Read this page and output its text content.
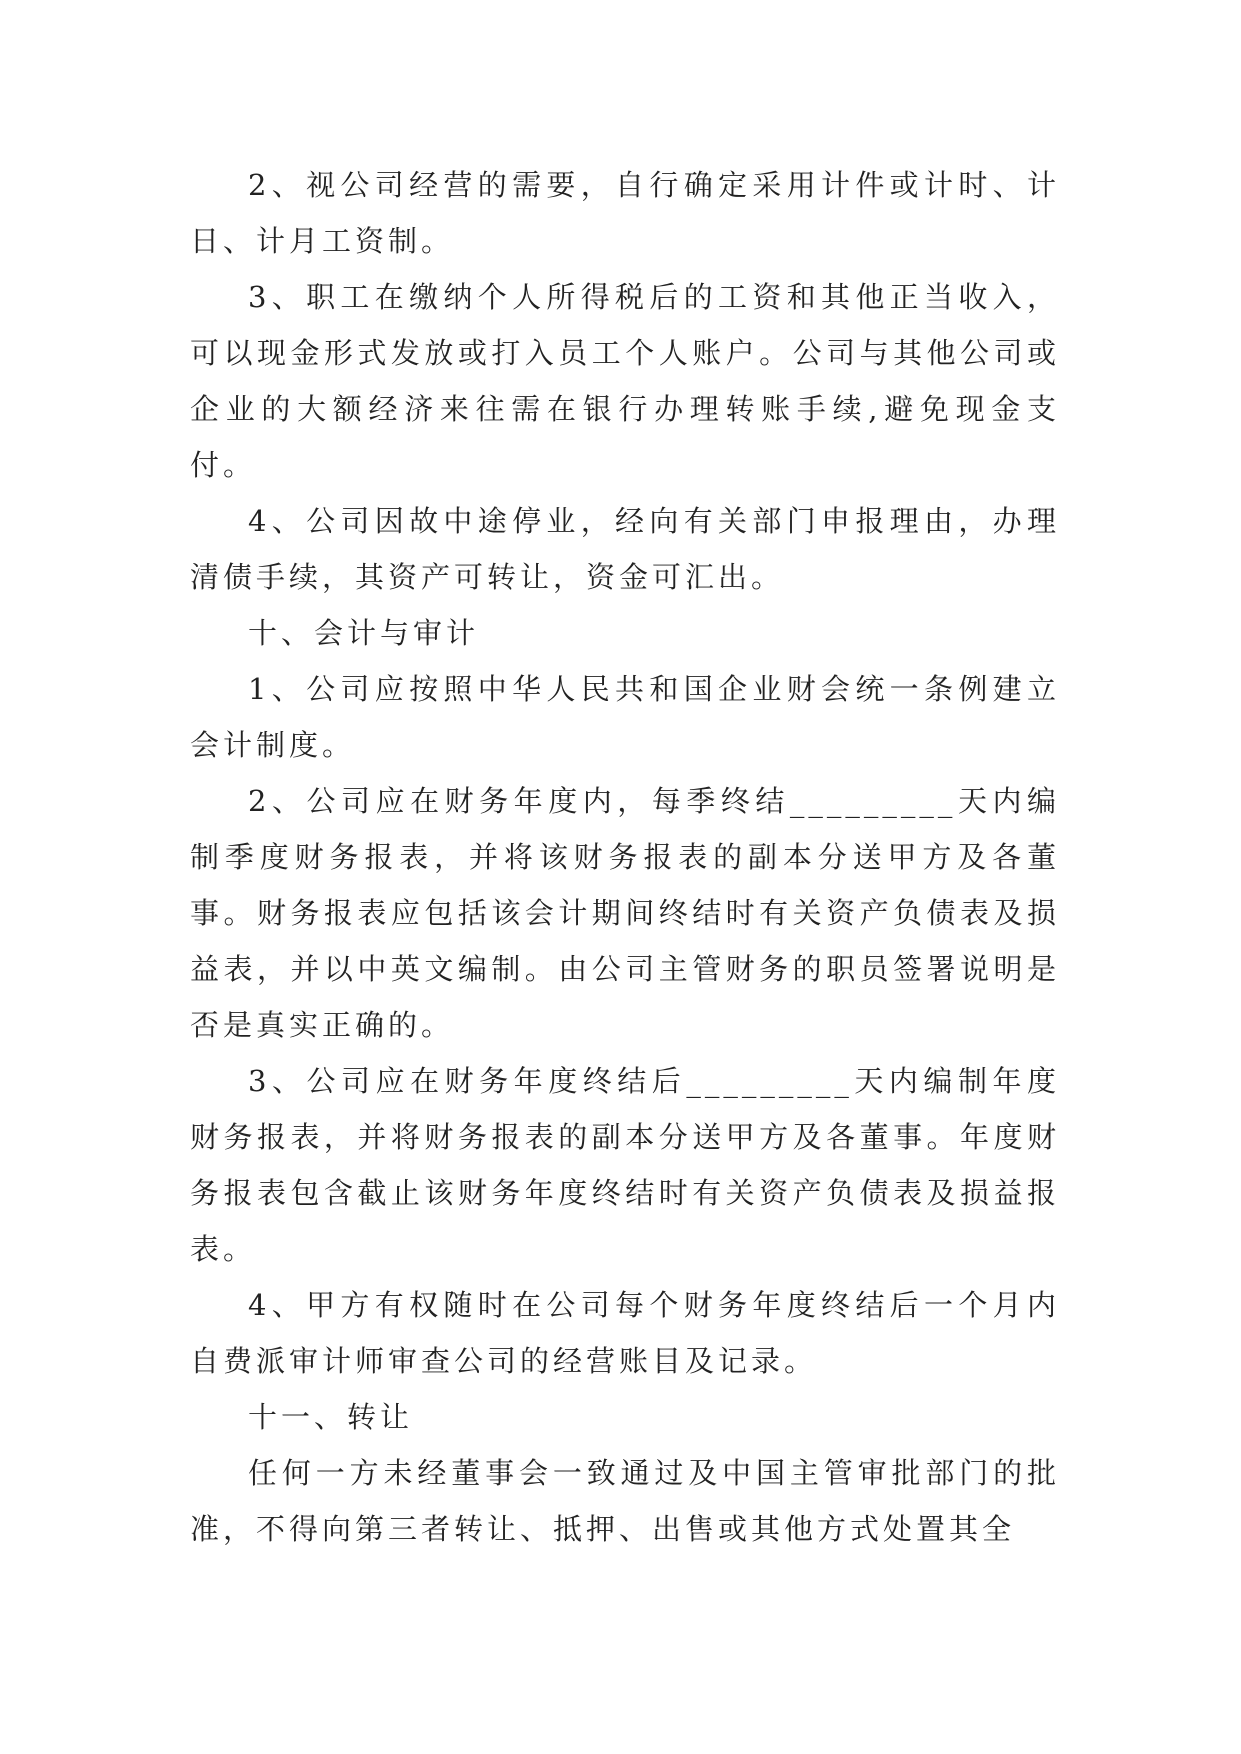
2、视公司经营的需要，自行确定采用计件或计时、计日、计月工资制。

3、职工在缴纳个人所得税后的工资和其他正当收入，可以现金形式发放或打入员工个人账户。公司与其他公司或企业的大额经济来往需在银行办理转账手续,避免现金支付。

4、公司因故中途停业，经向有关部门申报理由，办理清债手续，其资产可转让，资金可汇出。

十、会计与审计

1、公司应按照中华人民共和国企业财会统一条例建立会计制度。

2、公司应在财务年度内，每季终结_________天内编制季度财务报表，并将该财务报表的副本分送甲方及各董事。财务报表应包括该会计期间终结时有关资产负债表及损益表，并以中英文编制。由公司主管财务的职员签署说明是否是真实正确的。

3、公司应在财务年度终结后_________天内编制年度财务报表，并将财务报表的副本分送甲方及各董事。年度财务报表包含截止该财务年度终结时有关资产负债表及损益报表。

4、甲方有权随时在公司每个财务年度终结后一个月内自费派审计师审查公司的经营账目及记录。

十一、转让

任何一方未经董事会一致通过及中国主管审批部门的批准，不得向第三者转让、抵押、出售或其他方式处置其全
